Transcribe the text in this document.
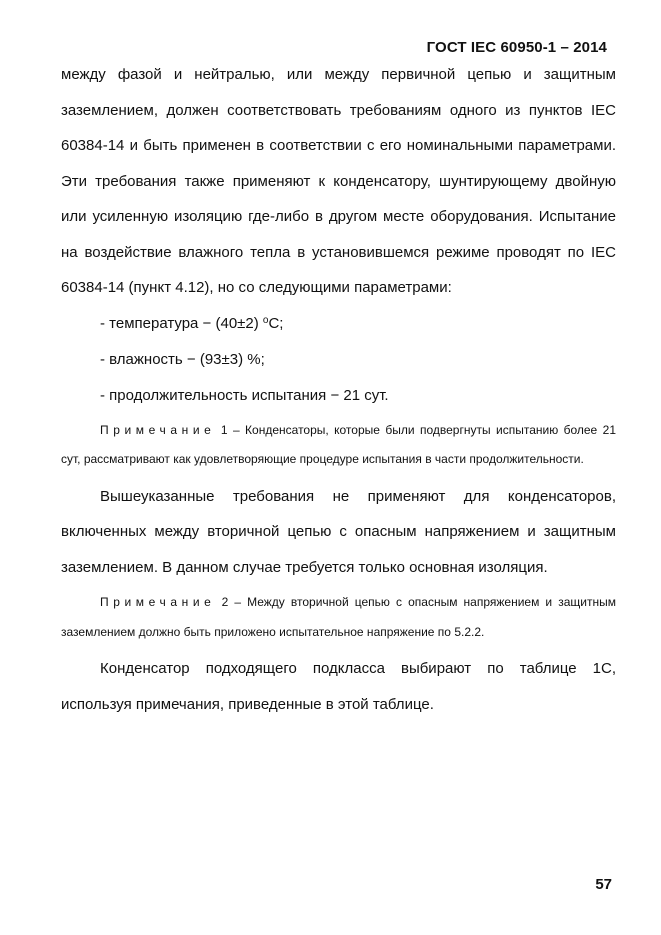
ГОСТ IEC 60950-1 – 2014

между фазой и нейтралью, или между первичной цепью и защитным заземлением, должен соответствовать требованиям одного из пунктов IEC 60384-14 и быть применен в соответствии с его номинальными параметрами. Эти требования также применяют к конденсатору, шунтирующему двойную или усиленную изоляцию где-либо в другом месте оборудования. Испытание на воздействие влажного тепла в установившемся режиме проводят по IEC 60384-14 (пункт 4.12), но со следующими параметрами:

- температура − (40±2) $^o$C;

- влажность − (93±3) %;

- продолжительность испытания − 21 сут.

Примечание 1 – Конденсаторы, которые были подвергнуты испытанию более 21 сут, рассматривают как удовлетворяющие процедуре испытания в части продолжительности.

Вышеуказанные требования не применяют для конденсаторов, включенных между вторичной цепью с опасным напряжением и защитным заземлением. В данном случае требуется только основная изоляция.

Примечание 2 – Между вторичной цепью с опасным напряжением и защитным заземлением должно быть приложено испытательное напряжение по 5.2.2.

Конденсатор подходящего подкласса выбирают по таблице 1С, используя примечания, приведенные в этой таблице.

57
